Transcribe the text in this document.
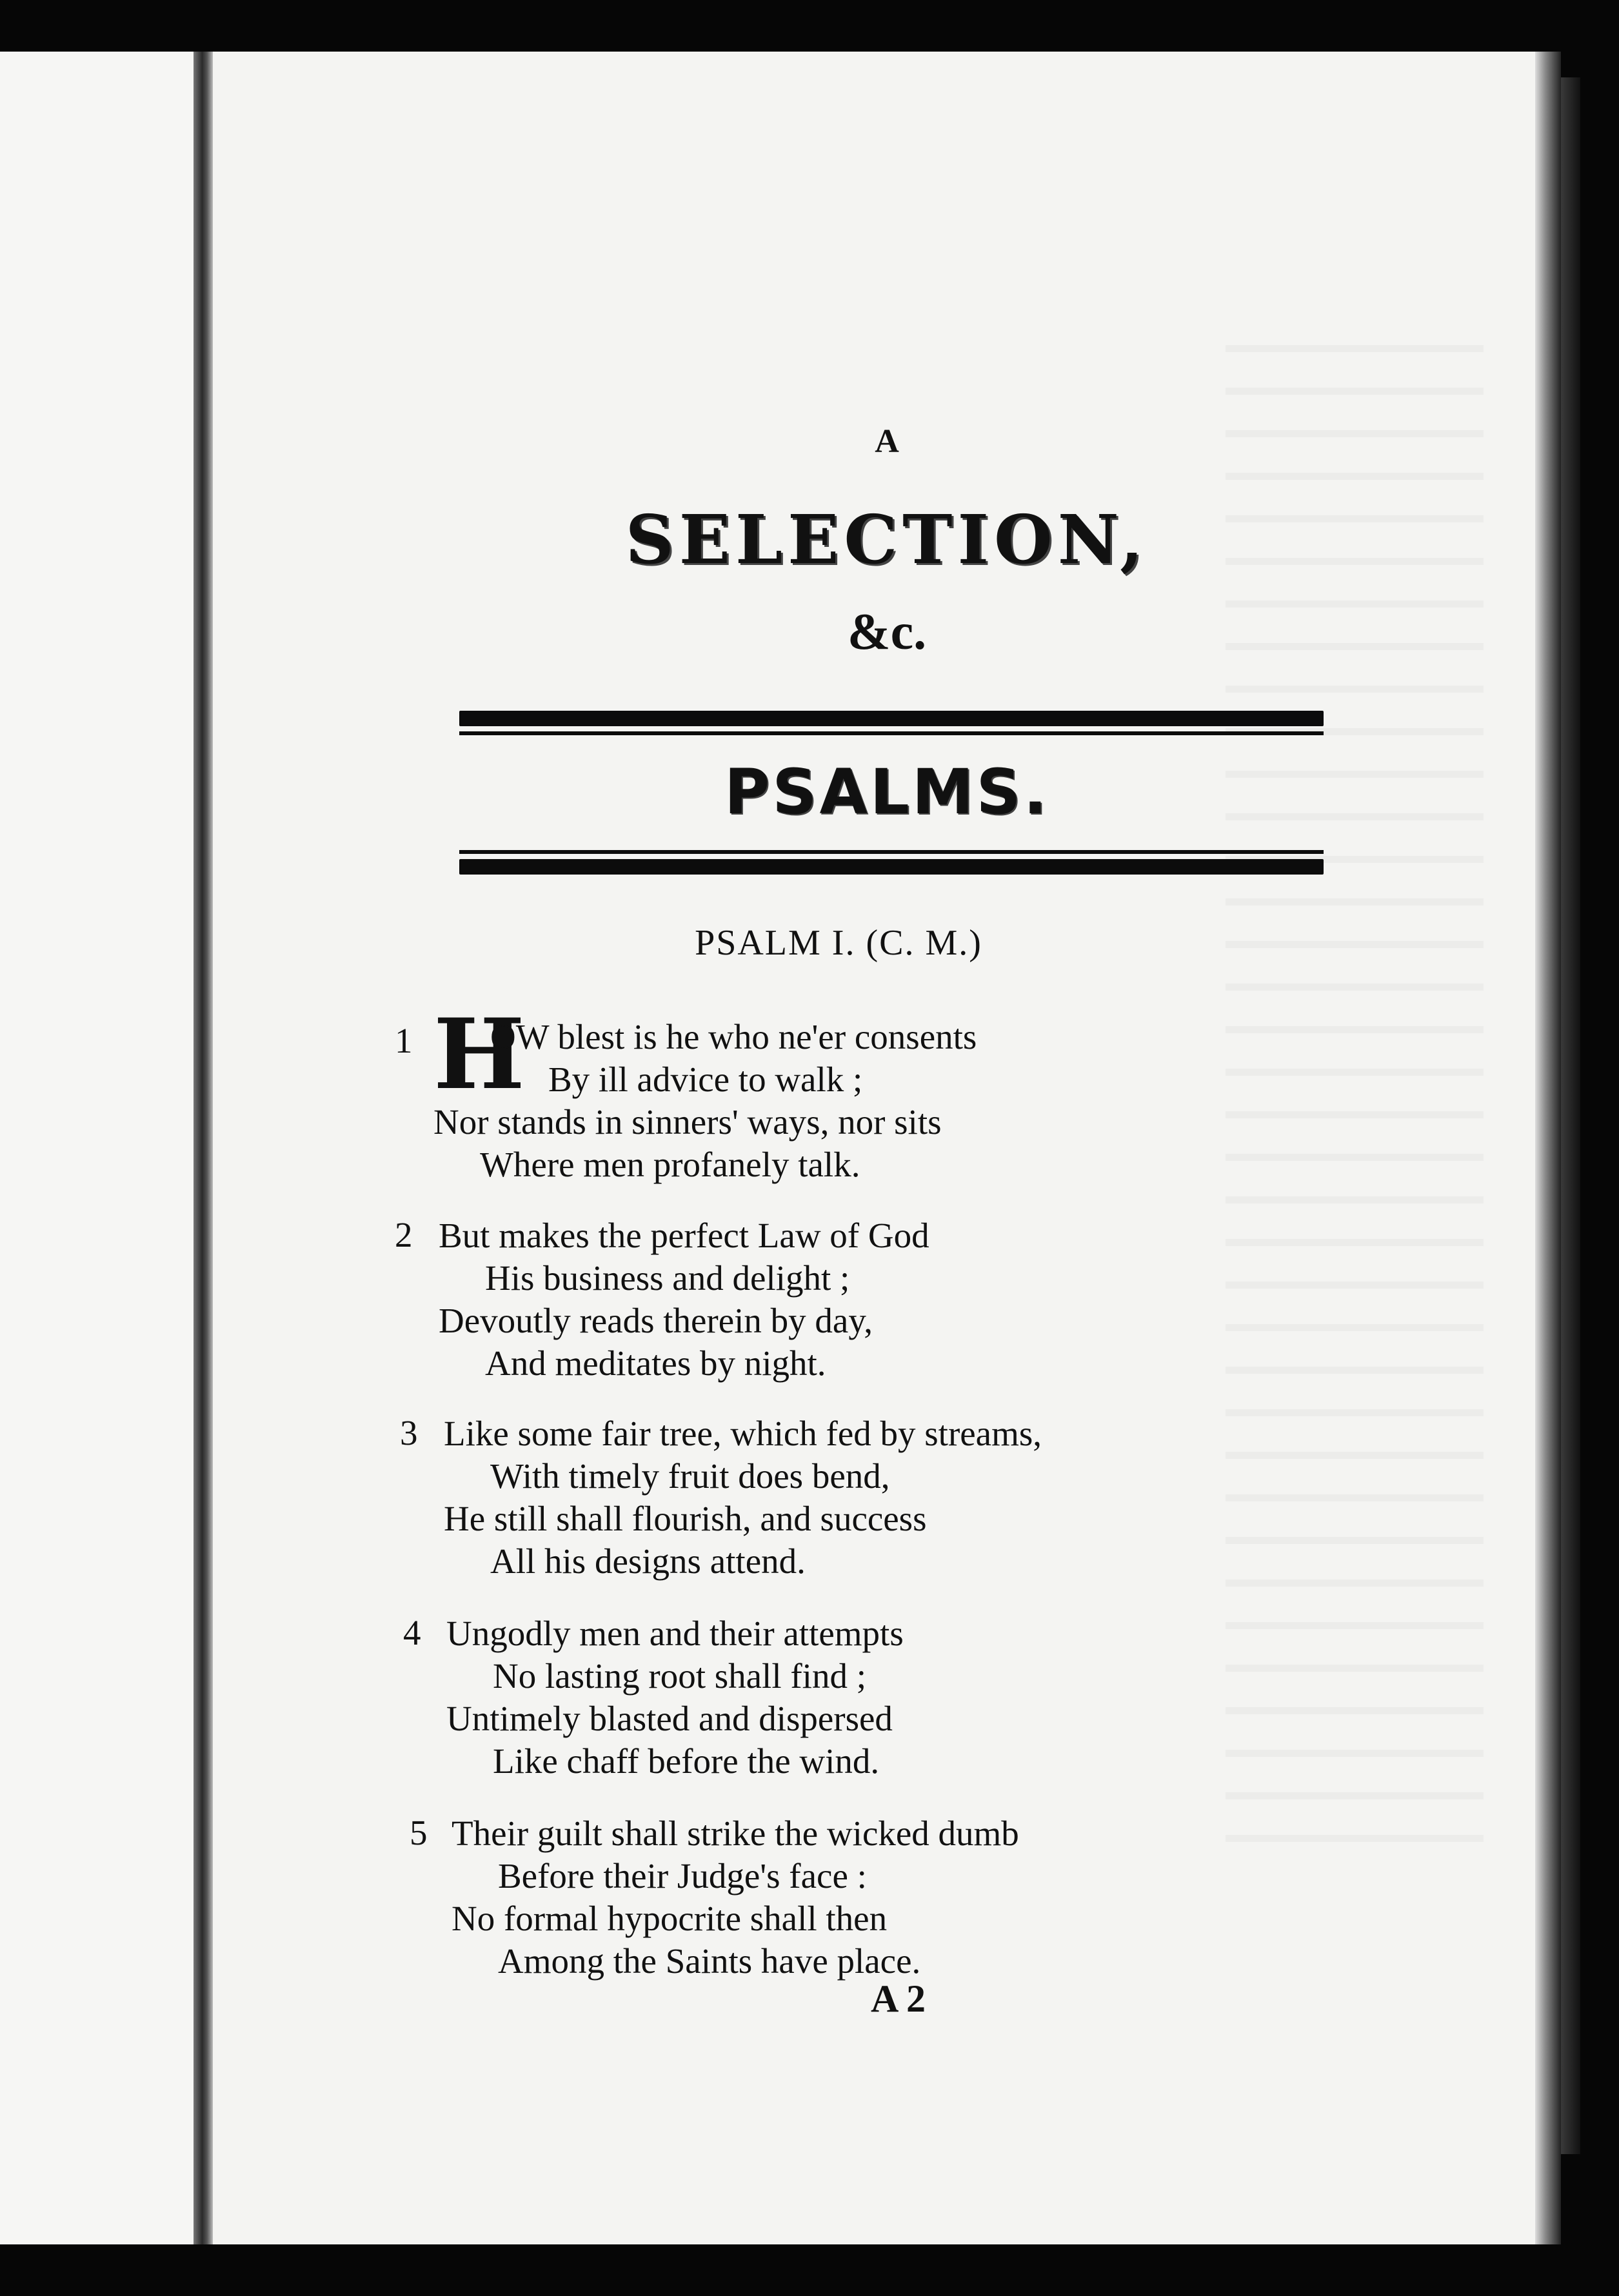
A
SELECTION,
&c.
PSALMS.
PSALM I. (C. M.)
1 H
OW blest is he who ne'er consents
By ill advice to walk ;
Nor stands in sinners' ways, nor sits
Where men profanely talk.
2 But makes the perfect Law of God
His business and delight ;
Devoutly reads therein by day,
And meditates by night.
3 Like some fair tree, which fed by streams,
With timely fruit does bend,
He still shall flourish, and success
All his designs attend.
4 Ungodly men and their attempts
No lasting root shall find ;
Untimely blasted and dispersed
Like chaff before the wind.
5 Their guilt shall strike the wicked dumb
Before their Judge's face :
No formal hypocrite shall then
Among the Saints have place.
A 2
